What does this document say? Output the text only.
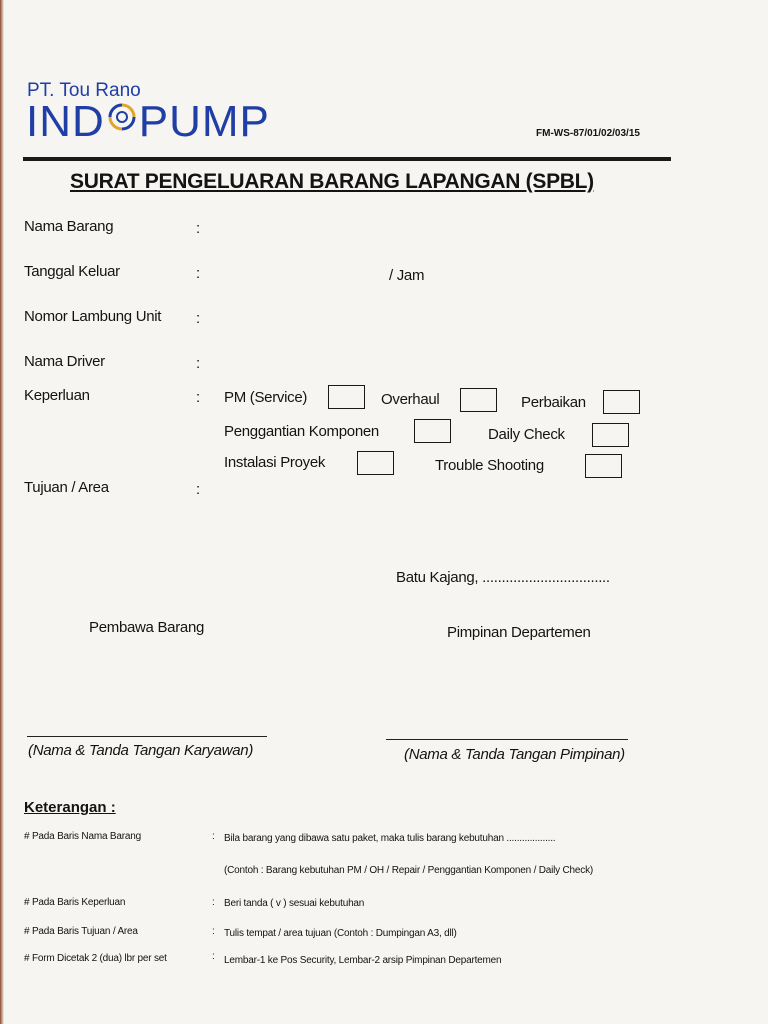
PT. Tou Rano
IND PUMP	FM-WS-87/01/02/03/15
SURAT PENGELUARAN BARANG LAPANGAN (SPBL)
Nama Barang	:
Tanggal Keluar	:	/ Jam
Nomor Lambung Unit :
Nama Driver	:
Keperluan	: PM (Service)	Overhaul	Perbaikan
Penggantian Komponen	Daily Check
Instalasi Proyek	Trouble Shooting
Tujuan / Area	:
Batu Kajang, .................................
Pembawa Barang	Pimpinan Departemen
(Nama & Tanda Tangan Karyawan)	(Nama & Tanda Tangan Pimpinan)
Keterangan :
# Pada Baris Nama Barang	: Bila barang yang dibawa satu paket, maka tulis barang kebutuhan ...................
(Contoh : Barang kebutuhan PM / OH / Repair / Penggantian Komponen / Daily Check)
# Pada Baris Keperluan	: Beri tanda ( v ) sesuai kebutuhan
# Pada Baris Tujuan / Area	: Tulis tempat / area tujuan (Contoh : Dumpingan A3, dll)
# Form Dicetak 2 (dua) lbr per set	: Lembar-1 ke Pos Security, Lembar-2 arsip Pimpinan Departemen
